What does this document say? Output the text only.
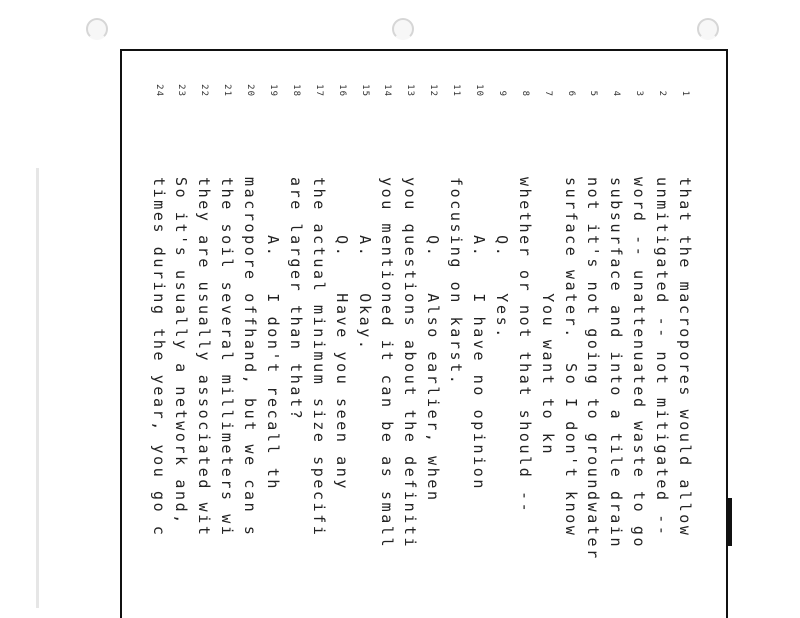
1
that the macropores would allow
2
unmitigated -- not mitigated --
3
word -- unattenuated waste to go
4
subsurface and into a tile drain
5
not it's not going to groundwater
6
surface water.  So I don't know
7
You want to kn
8
whether or not that should --
9
Q.   Yes.
10
A.   I have no opinion
11
focusing on karst.
12
Q.   Also earlier, when
13
you questions about the definiti
14
you mentioned it can be as small
15
A.   Okay.
16
Q.   Have you seen any
17
the actual minimum size specifi
18
are larger than that?
19
A.   I don't recall th
20
macropore offhand, but we can s
21
the soil several millimeters wi
22
they are usually associated wit
23
So it's usually a network and,
24
times during the year, you go c
